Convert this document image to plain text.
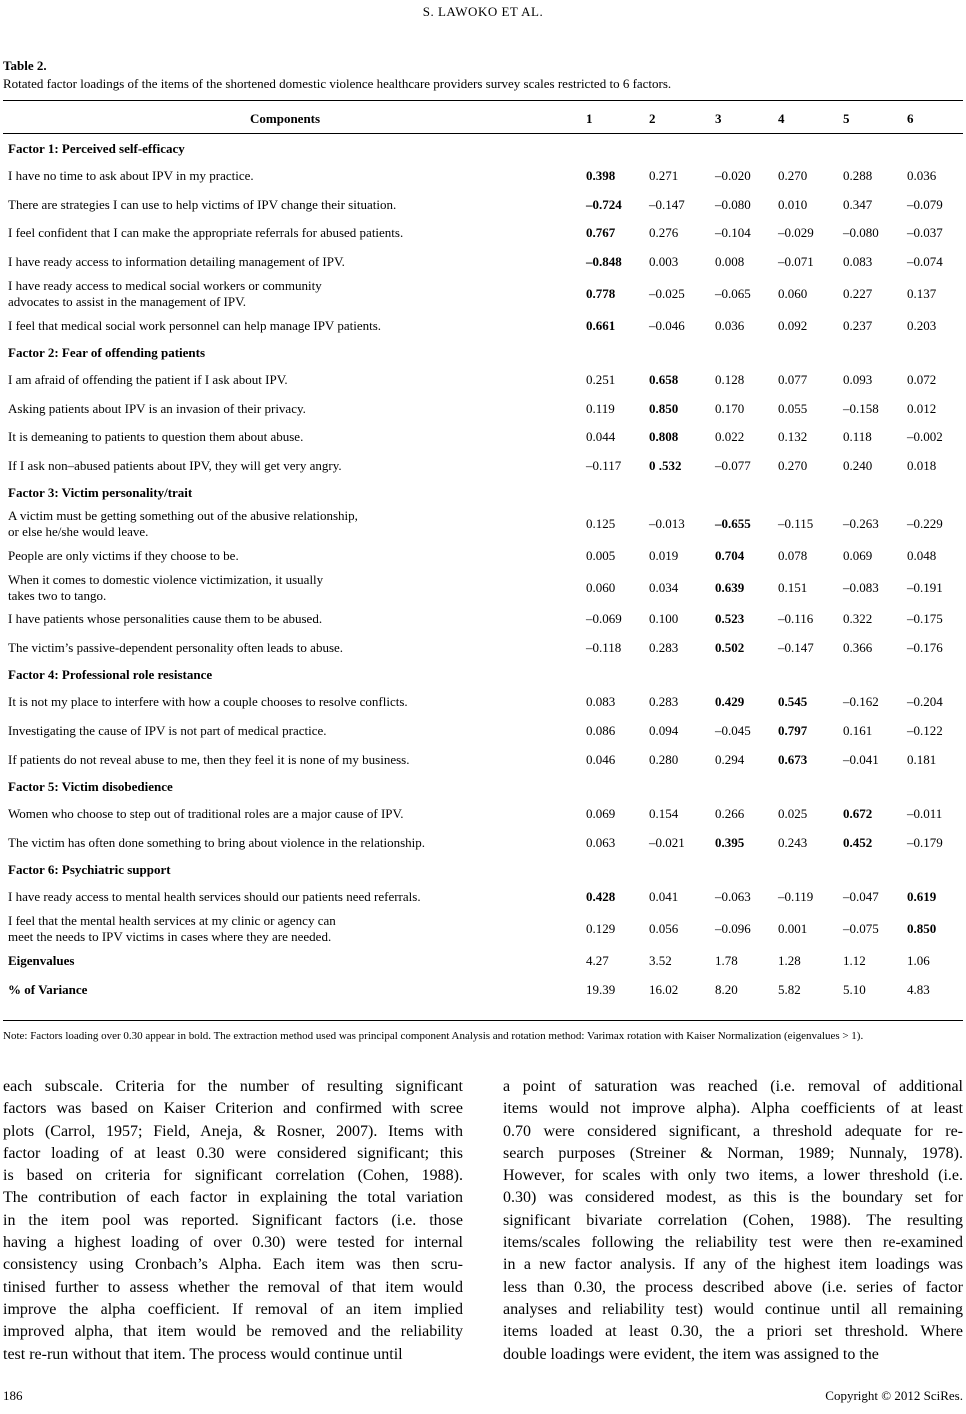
S. LAWOKO ET AL.
Table 2.
Rotated factor loadings of the items of the shortened domestic violence healthcare providers survey scales restricted to 6 factors.
Components	1	2	3	4	5	6
Factor 1: Perceived self-efficacy
I have no time to ask about IPV in my practice.	0.398	0.271	–0.020 0.270	0.288	0.036
There are strategies I can use to help victims of IPV change their situation.	–0.724 –0.147 –0.080 0.010	0.347	–0.079
I feel confident that I can make the appropriate referrals for abused patients.	0.767	0.276	–0.104 –0.029 –0.080 –0.037
I have ready access to information detailing management of IPV.	–0.848 0.003	0.008	–0.071 0.083	–0.074
I have ready access to medical social workers or community
advocates to assist in the management of IPV.
0.778	–0.025 –0.065 0.060	0.227	0.137
I feel that medical social work personnel can help manage IPV patients.	0.661	–0.046 0.036	0.092	0.237	0.203
Factor 2: Fear of offending patients
I am afraid of offending the patient if I ask about IPV.	0.251	0.658	0.128	0.077	0.093	0.072
Asking patients about IPV is an invasion of their privacy.	0.119	0.850	0.170	0.055	–0.158 0.012
It is demeaning to patients to question them about abuse.	0.044	0.808	0.022	0.132	0.118	–0.002
If I ask non–abused patients about IPV, they will get very angry.	–0.117 0 .532	–0.077 0.270	0.240	0.018
Factor 3: Victim personality/trait
A victim must be getting something out of the abusive relationship,
or else he/she would leave.
0.125	–0.013 –0.655 –0.115 –0.263 –0.229
People are only victims if they choose to be.	0.005	0.019	0.704	0.078	0.069	0.048
When it comes to domestic violence victimization, it usually
takes two to tango.
0.060	0.034	0.639	0.151	–0.083 –0.191
I have patients whose personalities cause them to be abused.	–0.069 0.100	0.523	–0.116 0.322	–0.175
The victim’s passive-dependent personality often leads to abuse.	–0.118 0.283	0.502	–0.147 0.366	–0.176
Factor 4: Professional role resistance
It is not my place to interfere with how a couple chooses to resolve conflicts.	0.083	0.283	0.429	0.545	–0.162 –0.204
Investigating the cause of IPV is not part of medical practice.	0.086	0.094	–0.045 0.797	0.161	–0.122
If patients do not reveal abuse to me, then they feel it is none of my business.	0.046	0.280	0.294	0.673	–0.041 0.181
Factor 5: Victim disobedience
Women who choose to step out of traditional roles are a major cause of IPV.	0.069	0.154	0.266	0.025	0.672	–0.011
The victim has often done something to bring about violence in the relationship.	0.063	–0.021 0.395	0.243	0.452	–0.179
Factor 6: Psychiatric support
I have ready access to mental health services should our patients need referrals.	0.428	0.041	–0.063 –0.119 –0.047 0.619
I feel that the mental health services at my clinic or agency can
meet the needs to IPV victims in cases where they are needed.
0.129	0.056	–0.096 0.001	–0.075 0.850
Eigenvalues	4.27	3.52	1.78	1.28	1.12	1.06
% of Variance	19.39	16.02	8.20	5.82	5.10	4.83
Note: Factors loading over 0.30 appear in bold. The extraction method used was principal component Analysis and rotation method: Varimax rotation with Kaiser Normalization (eigenvalues > 1).
each subscale. Criteria for the number of resulting significant
factors was based on Kaiser Criterion and confirmed with scree
plots (Carrol, 1957; Field, Aneja, & Rosner, 2007). Items with
factor loading of at least 0.30 were considered significant; this
is based on criteria for significant correlation (Cohen, 1988).
The contribution of each factor in explaining the total variation
in the item pool was reported. Significant factors (i.e. those
having a highest loading of over 0.30) were tested for internal
consistency using Cronbach’s Alpha. Each item was then scru-
tinised further to assess whether the removal of that item would
improve the alpha coefficient. If removal of an item implied
improved alpha, that item would be removed and the reliability
test re-run without that item. The process would continue until
a point of saturation was reached (i.e. removal of additional
items would not improve alpha). Alpha coefficients of at least
0.70 were considered significant, a threshold adequate for re-
search purposes (Streiner & Norman, 1989; Nunnaly, 1978).
However, for scales with only two items, a lower threshold (i.e.
0.30) was considered modest, as this is the boundary set for
significant bivariate correlation (Cohen, 1988). The resulting
items/scales following the reliability test were then re-examined
in a new factor analysis. If any of the highest item loadings was
less than 0.30, the process described above (i.e. series of factor
analyses and reliability test) would continue until all remaining
items loaded at least 0.30, the a priori set threshold. Where
double loadings were evident, the item was assigned to the
186	Copyright © 2012 SciRes.
